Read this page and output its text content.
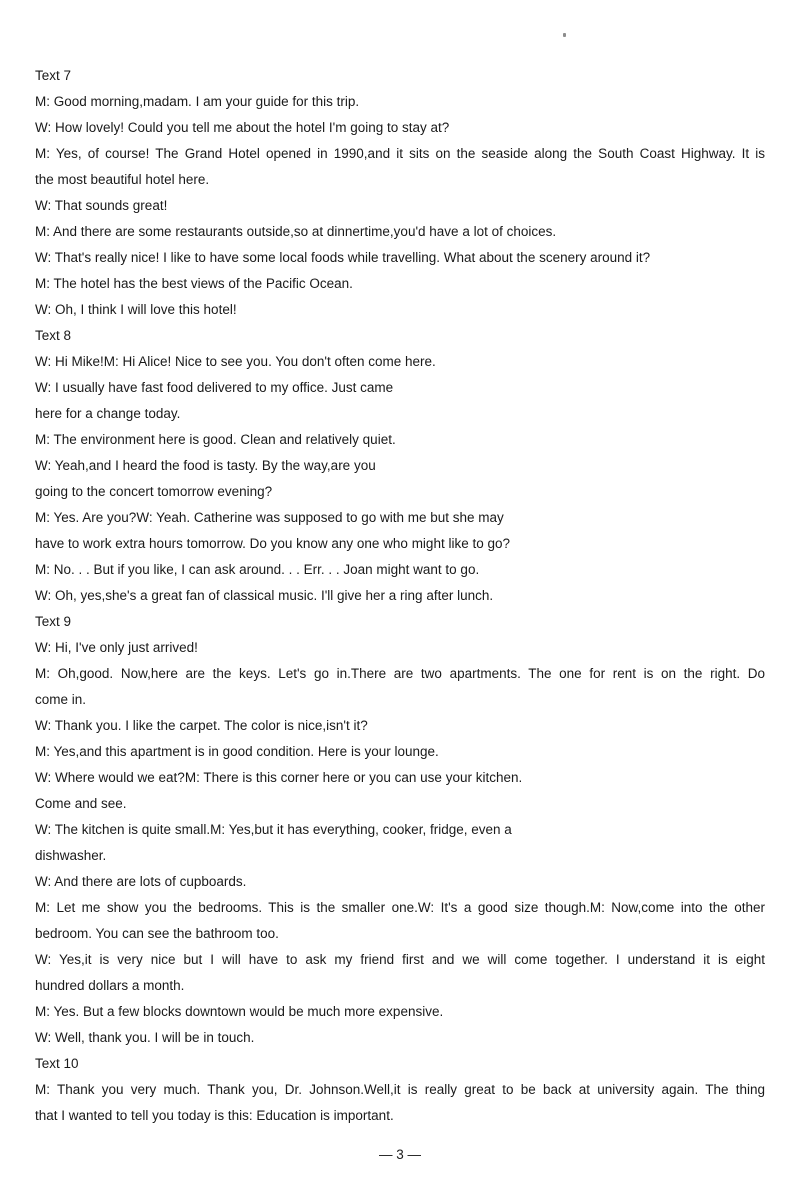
Text 7
M: Good morning,madam. I am your guide for this trip.
W: How lovely! Could you tell me about the hotel I'm going to stay at?
M: Yes, of course! The Grand Hotel opened in 1990,and it sits on the seaside along the South Coast Highway. It is
the most beautiful hotel here.
W: That sounds great!
M: And there are some restaurants outside,so at dinnertime,you'd have a lot of choices.
W: That's really nice! I like to have some local foods while travelling. What about the scenery around it?
M: The hotel has the best views of the Pacific Ocean.
W: Oh, I think I will love this hotel!
Text 8
W: Hi Mike!M: Hi Alice! Nice to see you. You don't often come here.
W: I usually have fast food delivered to my office. Just came
here for a change today.
M: The environment here is good. Clean and relatively quiet.
W: Yeah,and I heard the food is tasty. By the way,are you
going to the concert tomorrow evening?
M: Yes. Are you?W: Yeah. Catherine was supposed to go with me but she may
have to work extra hours tomorrow. Do you know any one who might like to go?
M: No. . . But if you like, I can ask around. . . Err. . . Joan might want to go.
W: Oh, yes,she's a great fan of classical music. I'll give her a ring after lunch.
Text 9
W: Hi, I've only just arrived!
M: Oh,good. Now,here are the keys. Let's go in.There are two apartments. The one for rent is on the right. Do
come in.
W: Thank you. I like the carpet. The color is nice,isn't it?
M: Yes,and this apartment is in good condition. Here is your lounge.
W: Where would we eat?M: There is this corner here or you can use your kitchen.
Come and see.
W: The kitchen is quite small.M: Yes,but it has everything, cooker, fridge, even a
dishwasher.
W: And there are lots of cupboards.
M: Let me show you the bedrooms. This is the smaller one.W: It's a good size though.M: Now,come into the other
bedroom. You can see the bathroom too.
W: Yes,it is very nice but I will have to ask my friend first and we will come together. I understand it is eight
hundred dollars a month.
M: Yes. But a few blocks downtown would be much more expensive.
W: Well, thank you. I will be in touch.
Text 10
M: Thank you very much. Thank you, Dr. Johnson.Well,it is really great to be back at university again. The thing
that I wanted to tell you today is this: Education is important.
— 3 —
